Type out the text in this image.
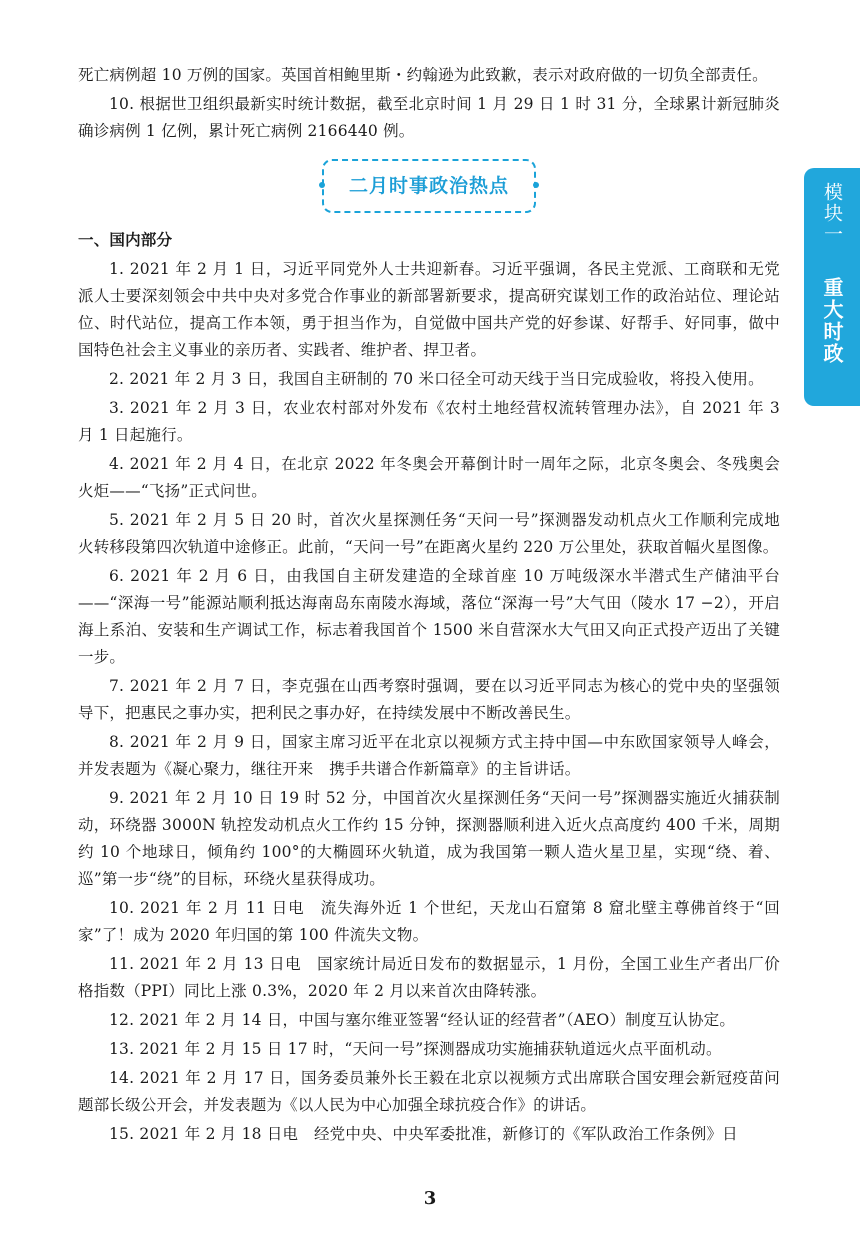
死亡病例超 10 万例的国家。英国首相鲍里斯・约翰逊为此致歉，表示对政府做的一切负全部责任。

10. 根据世卫组织最新实时统计数据，截至北京时间 1 月 29 日 1 时 31 分，全球累计新冠肺炎确诊病例 1 亿例，累计死亡病例 2166440 例。

二月时事政治热点

一、国内部分

1. 2021 年 2 月 1 日，习近平同党外人士共迎新春。习近平强调，各民主党派、工商联和无党派人士要深刻领会中共中央对多党合作事业的新部署新要求，提高研究谋划工作的政治站位、理论站位、时代站位，提高工作本领，勇于担当作为，自觉做中国共产党的好参谋、好帮手、好同事，做中国特色社会主义事业的亲历者、实践者、维护者、捍卫者。

2. 2021 年 2 月 3 日，我国自主研制的 70 米口径全可动天线于当日完成验收，将投入使用。

3. 2021 年 2 月 3 日，农业农村部对外发布《农村土地经营权流转管理办法》，自 2021 年 3 月 1 日起施行。

4. 2021 年 2 月 4 日，在北京 2022 年冬奥会开幕倒计时一周年之际，北京冬奥会、冬残奥会火炬——“飞扬”正式问世。

5. 2021 年 2 月 5 日 20 时，首次火星探测任务“天问一号”探测器发动机点火工作顺利完成地火转移段第四次轨道中途修正。此前，“天问一号”在距离火星约 220 万公里处，获取首幅火星图像。

6. 2021 年 2 月 6 日，由我国自主研发建造的全球首座 10 万吨级深水半潜式生产储油平台——“深海一号”能源站顺利抵达海南岛东南陵水海域，落位“深海一号”大气田（陵水 17 −2），开启海上系泊、安装和生产调试工作，标志着我国首个 1500 米自营深水大气田又向正式投产迈出了关键一步。

7. 2021 年 2 月 7 日，李克强在山西考察时强调，要在以习近平同志为核心的党中央的坚强领导下，把惠民之事办实，把利民之事办好，在持续发展中不断改善民生。

8. 2021 年 2 月 9 日，国家主席习近平在北京以视频方式主持中国—中东欧国家领导人峰会，并发表题为《凝心聚力，继往开来　携手共谱合作新篇章》的主旨讲话。

9. 2021 年 2 月 10 日 19 时 52 分，中国首次火星探测任务“天问一号”探测器实施近火捕获制动，环绕器 3000N 轨控发动机点火工作约 15 分钟，探测器顺利进入近火点高度约 400 千米，周期约 10 个地球日，倾角约 100°的大椭圆环火轨道，成为我国第一颗人造火星卫星，实现“绕、着、巡”第一步“绕”的目标，环绕火星获得成功。

10. 2021 年 2 月 11 日电　流失海外近 1 个世纪，天龙山石窟第 8 窟北壁主尊佛首终于“回家”了！成为 2020 年归国的第 100 件流失文物。

11. 2021 年 2 月 13 日电　国家统计局近日发布的数据显示，1 月份，全国工业生产者出厂价格指数（PPI）同比上涨 0.3%，2020 年 2 月以来首次由降转涨。

12. 2021 年 2 月 14 日，中国与塞尔维亚签署“经认证的经营者”（AEO）制度互认协定。

13. 2021 年 2 月 15 日 17 时，“天问一号”探测器成功实施捕获轨道远火点平面机动。

14. 2021 年 2 月 17 日，国务委员兼外长王毅在北京以视频方式出席联合国安理会新冠疫苗问题部长级公开会，并发表题为《以人民为中心加强全球抗疫合作》的讲话。

15. 2021 年 2 月 18 日电　经党中央、中央军委批准，新修订的《军队政治工作条例》日

模块一
重大时政
3
